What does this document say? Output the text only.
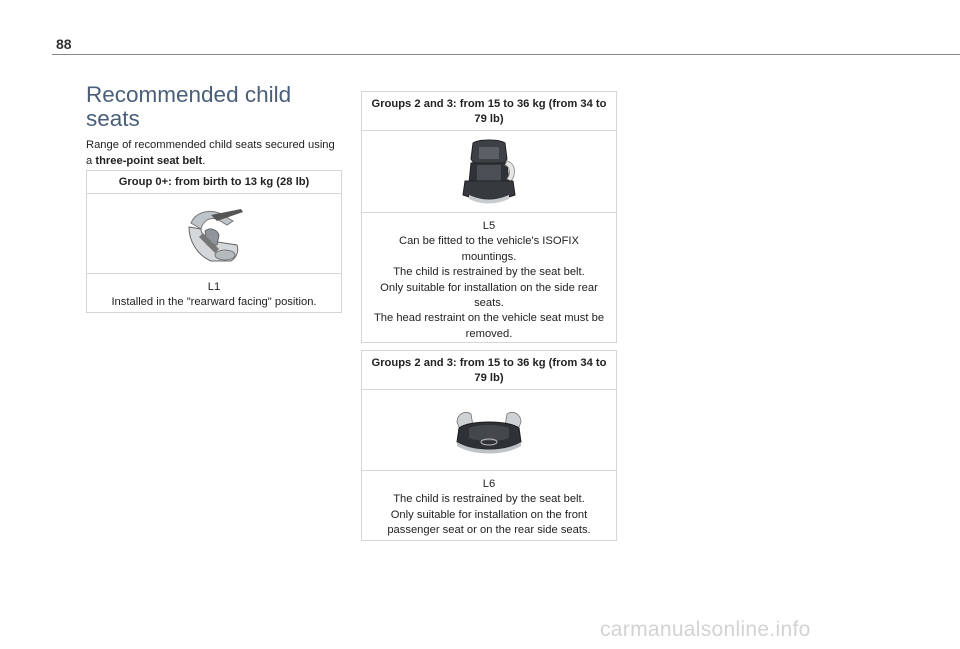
88
Recommended child seats
Range of recommended child seats secured using a three-point seat belt.
Group 0+: from birth to 13 kg (28 lb)
L1
Installed in the "rearward facing" position.
Groups 2 and 3: from 15 to 36 kg (from 34 to 79 lb)
L5
Can be fitted to the vehicle's ISOFIX mountings.
The child is restrained by the seat belt.
Only suitable for installation on the side rear seats.
The head restraint on the vehicle seat must be removed.
Groups 2 and 3: from 15 to 36 kg (from 34 to 79 lb)
L6
The child is restrained by the seat belt.
Only suitable for installation on the front passenger seat or on the rear side seats.
carmanualsonline.info
